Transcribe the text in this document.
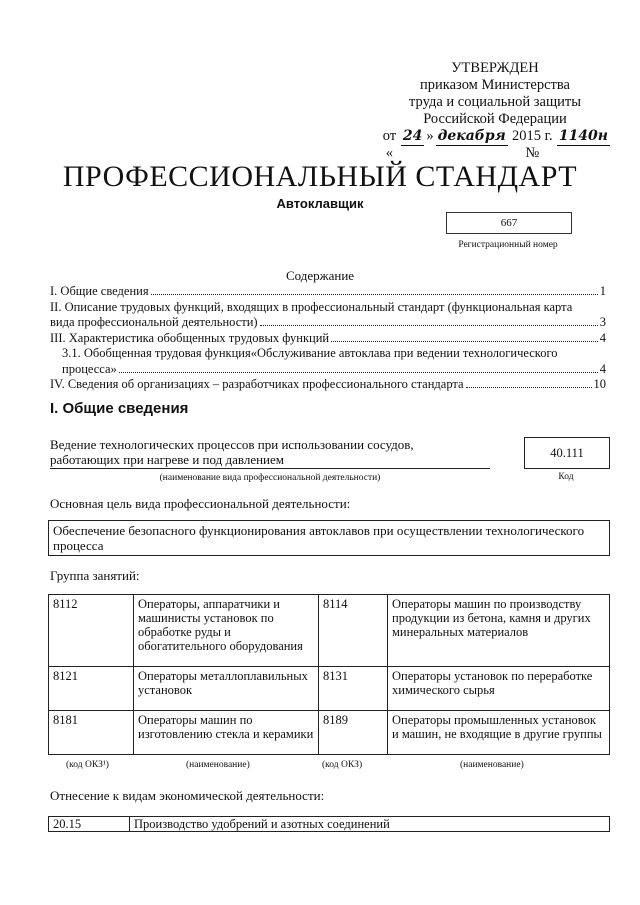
УТВЕРЖДЕН
приказом Министерства
труда и социальной защиты
Российской Федерации
от «
24 » декабря 2015 г. №
1140н
ПРОФЕССИОНАЛЬНЫЙ СТАНДАРТ
Автоклавщик
667
Регистрационный номер
Содержание
I. Общие сведения	1
II. Описание трудовых функций, входящих в профессиональный стандарт (функциональная карта
вида профессиональной деятельности)	3
III. Характеристика обобщенных трудовых функций	4
3.1. Обобщенная трудовая функция«Обслуживание автоклава при ведении технологического
процесса»	4
IV. Сведения об организациях – разработчиках профессионального стандарта	10
I. Общие сведения
Ведение технологических процессов при использовании сосудов,
работающих при нагреве и под давлением
(наименование вида профессиональной деятельности)
40.111
Код
Основная цель вида профессиональной деятельности:
Обеспечение безопасного функционирования автоклавов при осуществлении технологического процесса
Группа занятий:
8112	Операторы, аппаратчики и машинисты установок по обработке руды и обогатительного оборудования	8114	Операторы машин по производству продукции из бетона, камня и других минеральных материалов
8121	Операторы металлоплавильных установок	8131	Операторы установок по переработке химического сырья
8181	Операторы машин по изготовлению стекла и керамики	8189	Операторы промышленных установок и машин, не входящие в другие группы
(код ОКЗ¹)	(наименование)	(код ОКЗ)	(наименование)
Отнесение к видам экономической деятельности:
20.15	Производство удобрений и азотных соединений
